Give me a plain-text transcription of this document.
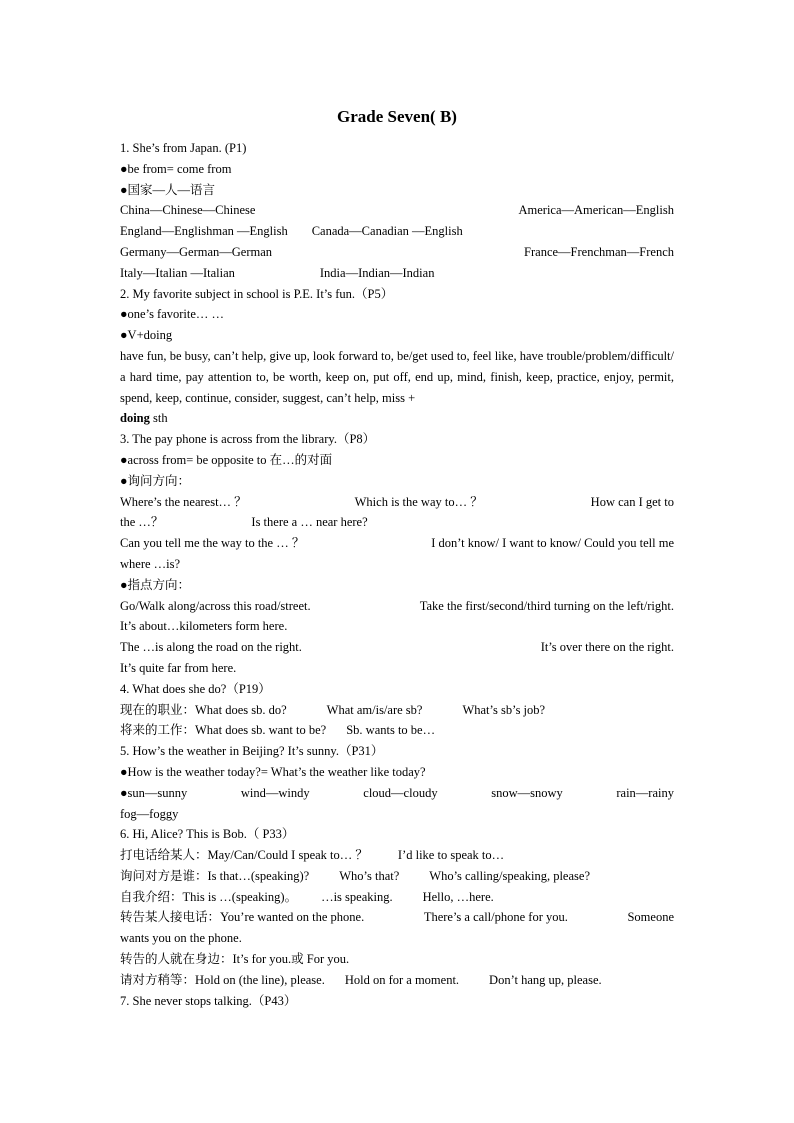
Grade Seven( B)
1. She’s from Japan. (P1)
●be from= come from
●国家—人—语言
China—Chinese—Chinese	America—American—English
England—Englishman —English Canada—Canadian —English
Germany—German—German	France—Frenchman—French
Italy—Italian —Italian	India—Indian—Indian
2. My favorite subject in school is P.E. It’s fun.（P5）
●one’s favorite… …
●V+doing
have fun, be busy, can’t help, give up, look forward to, be/get used to, feel like, have trouble/problem/difficult/ a hard time, pay attention to, be worth, keep on, put off, end up, mind, finish, keep, practice, enjoy, permit, spend, keep, continue, consider, suggest, can’t help, miss +
doing sth
3. The pay phone is across from the library.（P8）
●across from= be opposite to 在…的对面
●询问方向：
Where’s the nearest… ？	Which is the way to… ？	How can I get to
the …？	Is there a … near here?
Can you tell me the way to the … ？	I don’t know/ I want to know/ Could you tell me
where …is?
●指点方向：
Go/Walk along/across this road/street.	Take the first/second/third turning on the left/right.
It’s about…kilometers form here.
The …is along the road on the right.	It’s over there on the right.
It’s quite far from here.
4. What does she do?（P19）
现在的职业：What does sb. do?	What am/is/are sb?	What’s sb’s job?
将来的工作：What does sb. want to be? Sb. wants to be…
5. How’s the weather in Beijing? It’s sunny.（P31）
●How is the weather today?= What’s the weather like today?
●sun—sunny	wind—windy	cloud—cloudy	snow—snowy	rain—rainy
fog—foggy
6. Hi, Alice? This is Bob.（ P33）
打电话给某人：May/Can/Could I speak to… ？ I’d like to speak to…
询问对方是谁：Is that…(speaking)? Who’s that? Who’s calling/speaking, please?
自我介绍：This is …(speaking)。 …is speaking. Hello, …here.
转告某人接电话：You’re wanted on the phone.	There’s a call/phone for you.	Someone
wants you on the phone.
转告的人就在身边：It’s for you.或 For you.
请对方稍等：Hold on (the line), please. Hold on for a moment. Don’t hang up, please.
7. She never stops talking.（P43）
